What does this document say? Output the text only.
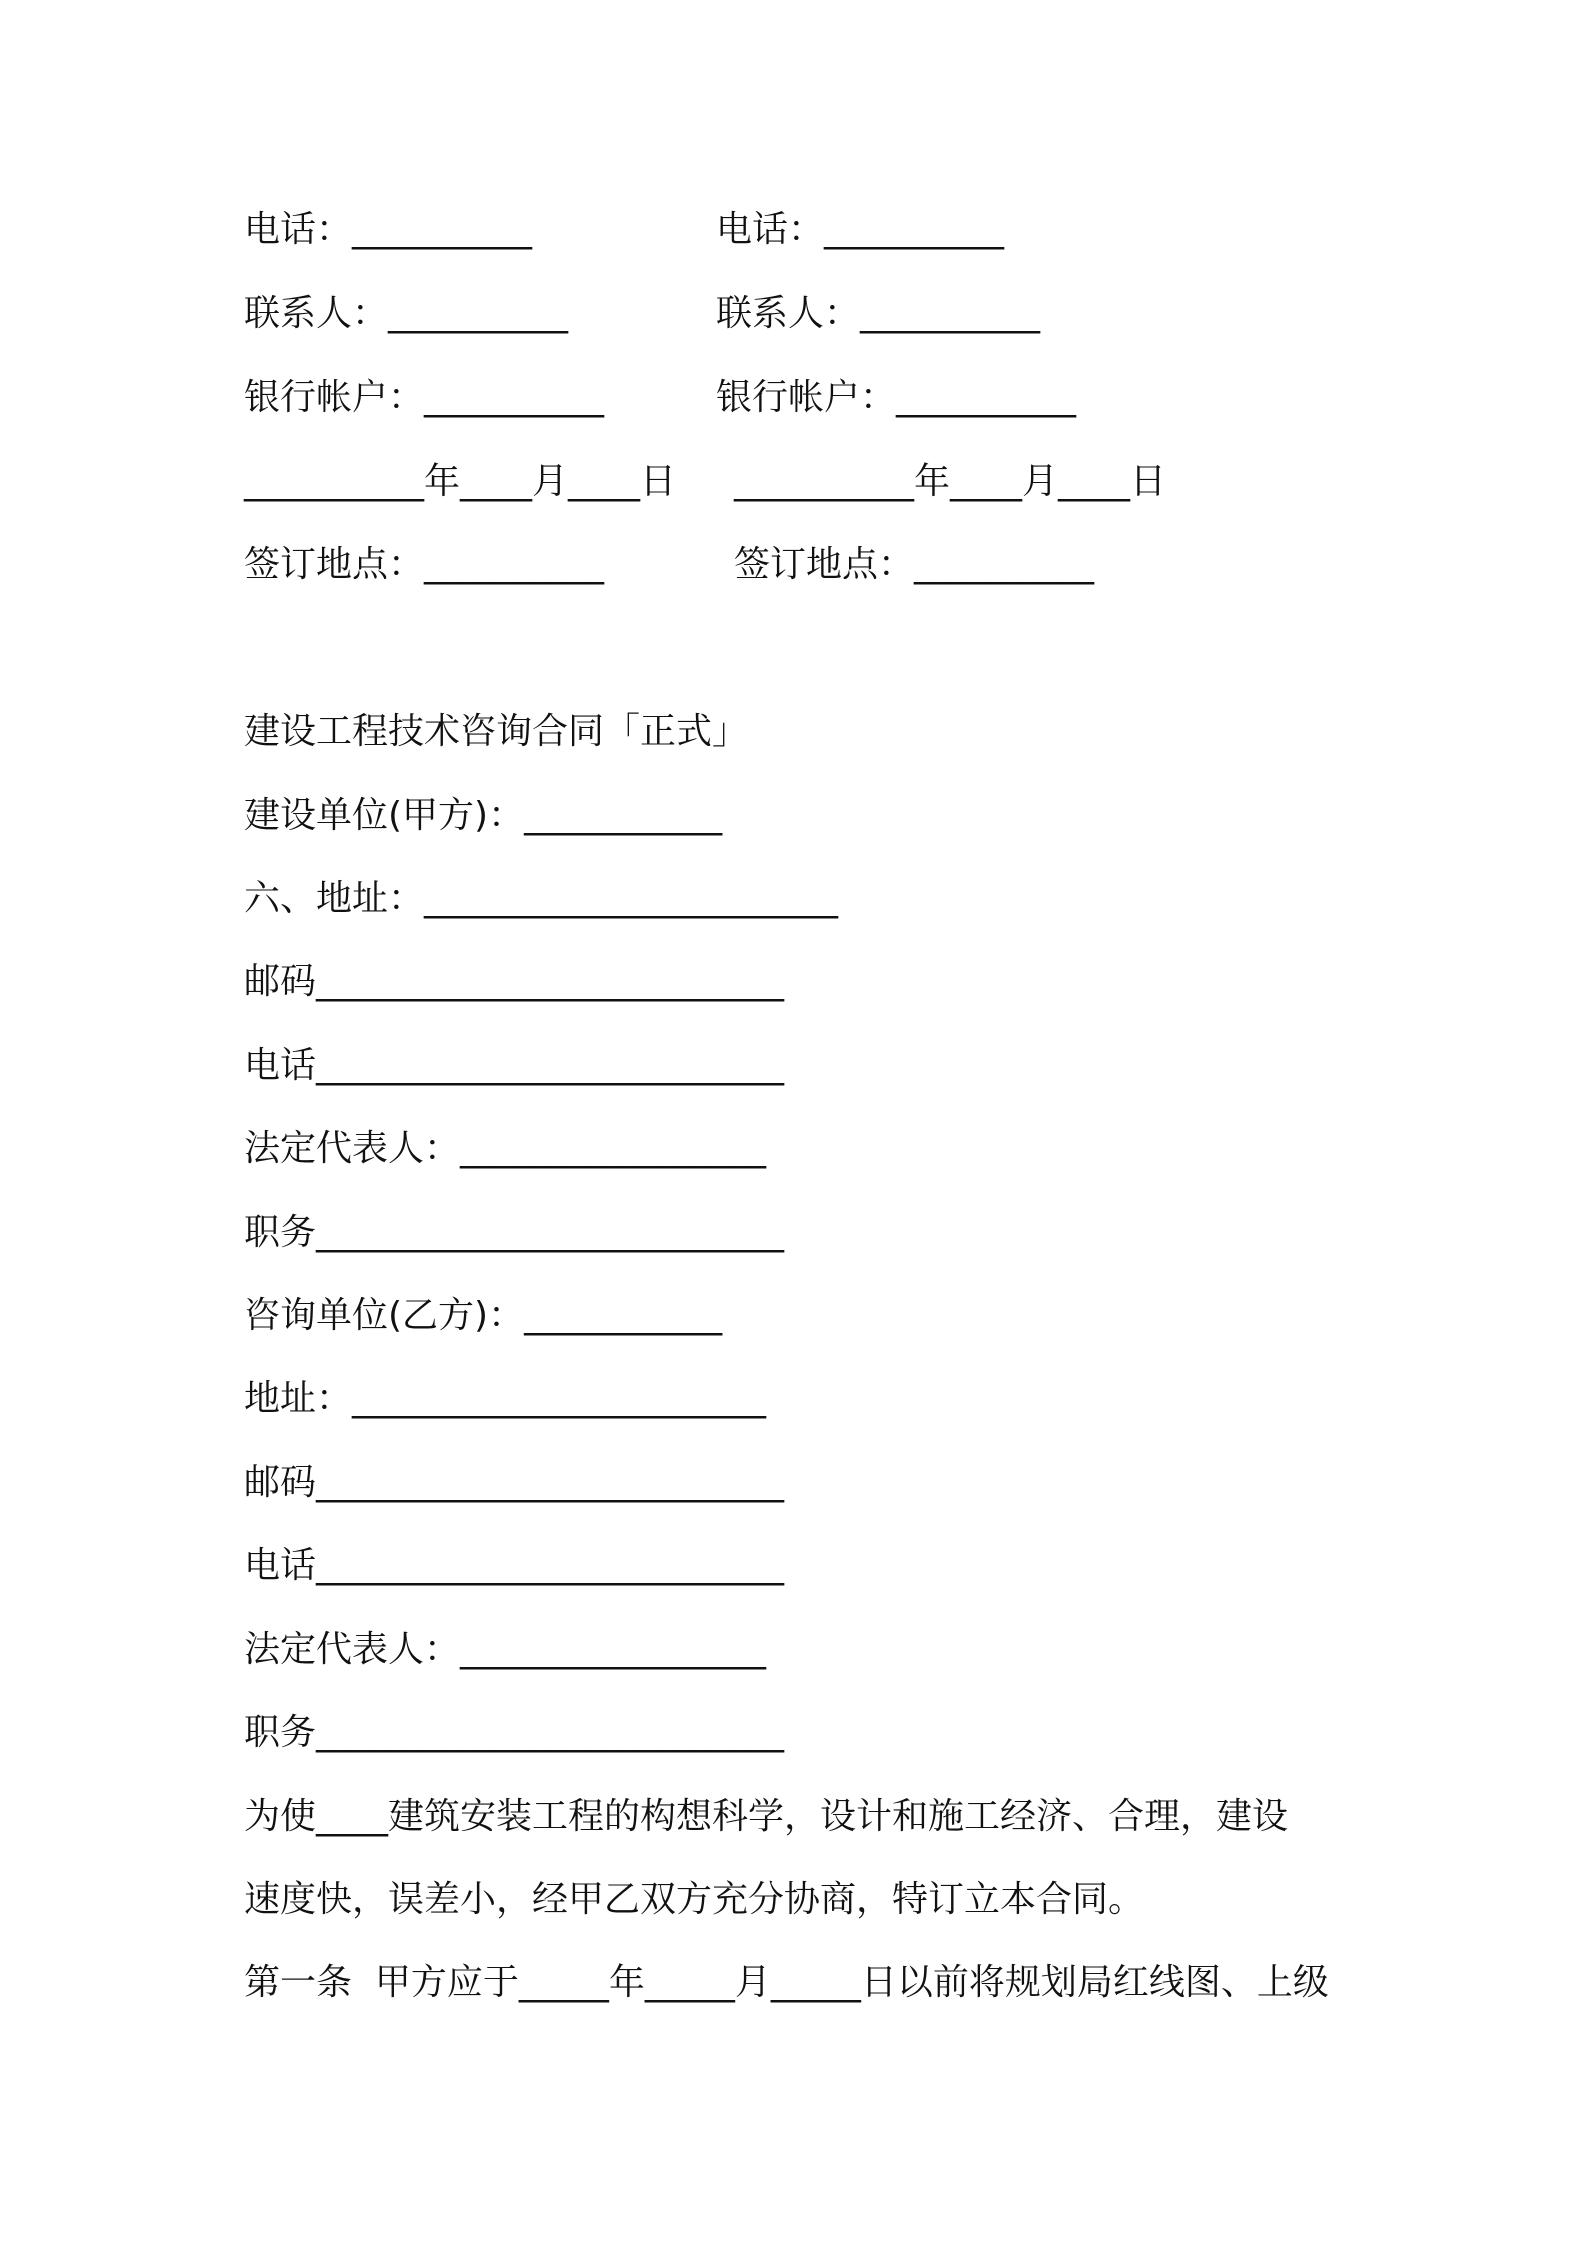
电话：__________	电话：__________
联系人：__________	联系人：__________
银行帐户：__________	银行帐户：__________
__________年____月____日 __________年____月____日
签订地点：__________	签订地点：__________
建设工程技术咨询合同「正式」
建设单位(甲方)：___________
六、地址：_______________________
邮码__________________________
电话__________________________
法定代表人：_________________
职务__________________________
咨询单位(乙方)：___________
地址：_______________________
邮码__________________________
电话__________________________
法定代表人：_________________
职务__________________________
为使____建筑安装工程的构想科学，设计和施工经济、合理，建设
速度快，误差小，经甲乙双方充分协商，特订立本合同。
第一条  甲方应于_____年_____月_____日以前将规划局红线图、上级
